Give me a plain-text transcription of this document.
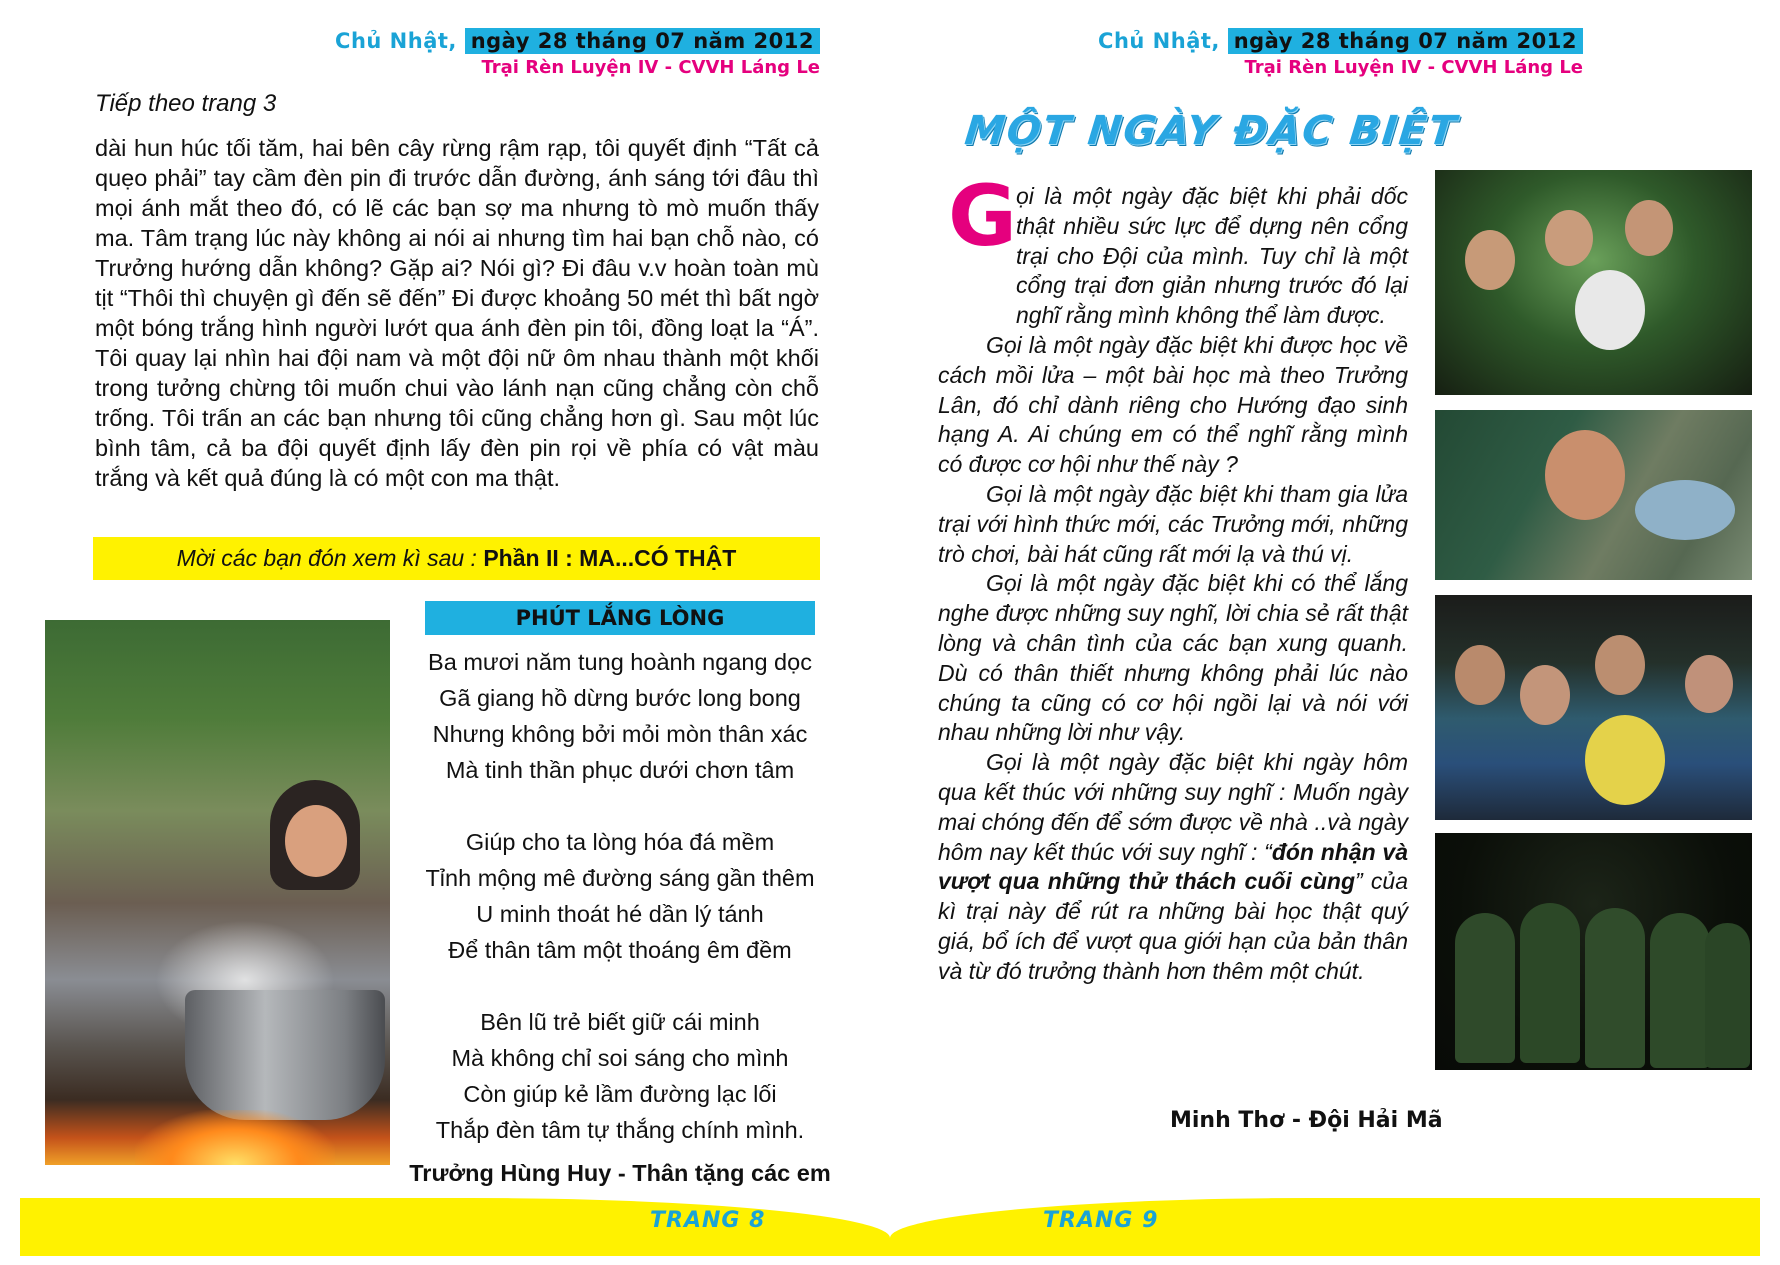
Chủ Nhật, ngày 28 tháng 07 năm 2012
Trại Rèn Luyện IV - CVVH Láng Le
Tiếp theo trang 3

dài hun húc tối tăm, hai bên cây rừng rậm rạp, tôi quyết định “Tất cả quẹo phải” tay cầm đèn pin đi trước dẫn đường, ánh sáng tới đâu thì mọi ánh mắt theo đó, có lẽ các bạn sợ ma nhưng tò mò muốn thấy ma. Tâm trạng lúc này không ai nói ai nhưng tìm hai bạn chỗ nào, có Trưởng hướng dẫn không? Gặp ai? Nói gì? Đi đâu v.v hoàn toàn mù tịt “Thôi thì chuyện gì đến sẽ đến” Đi được khoảng 50 mét thì bất ngờ một bóng trắng hình người lướt qua ánh đèn pin tôi, đồng loạt la “Á”. Tôi quay lại nhìn hai đội nam và một đội nữ ôm nhau thành một khối trong tưởng chừng tôi muốn chui vào lánh nạn cũng chẳng còn chỗ trống. Tôi trấn an các bạn nhưng tôi cũng chẳng hơn gì. Sau một lúc bình tâm, cả ba đội quyết định lấy đèn pin rọi về phía có vật màu trắng và kết quả đúng là có một con ma thật.

Mời các bạn đón xem kì sau : Phần II : MA...CÓ THẬT
PHÚT LẮNG LÒNG
Ba mươi năm tung hoành ngang dọc
Gã giang hồ dừng bước long bong
Nhưng không bởi mỏi mòn thân xác
Mà tinh thần phục dưới chơn tâm
Giúp cho ta lòng hóa đá mềm
Tỉnh mộng mê đường sáng gần thêm
U minh thoát hé dần lý tánh
Để thân tâm một thoáng êm đềm
Bên lũ trẻ biết giữ cái minh
Mà không chỉ soi sáng cho mình
Còn giúp kẻ lầm đường lạc lối
Thắp đèn tâm tự thắng chính mình.
Trưởng Hùng Huy - Thân tặng các em
TRANG 8
Chủ Nhật, ngày 28 tháng 07 năm 2012
Trại Rèn Luyện IV - CVVH Láng Le
MỘT NGÀY ĐẶC BIỆT
G ọi là một ngày đặc biệt khi phải dốc thật nhiều sức lực để dựng nên cổng trại cho Đội của mình. Tuy chỉ là một cổng trại đơn giản nhưng trước đó lại nghĩ rằng mình không thể làm được.

Gọi là một ngày đặc biệt khi được học về cách mồi lửa – một bài học mà theo Trưởng Lân, đó chỉ dành riêng cho Hướng đạo sinh hạng A. Ai chúng em có thể nghĩ rằng mình có được cơ hội như thế này ?

Gọi là một ngày đặc biệt khi tham gia lửa trại với hình thức mới, các Trưởng mới, những trò chơi, bài hát cũng rất mới lạ và thú vị.

Gọi là một ngày đặc biệt khi có thể lắng nghe được những suy nghĩ, lời chia sẻ rất thật lòng và chân tình của các bạn xung quanh. Dù có thân thiết nhưng không phải lúc nào chúng ta cũng có cơ hội ngồi lại và nói với nhau những lời như vậy.

Gọi là một ngày đặc biệt khi ngày hôm qua kết thúc với những suy nghĩ : Muốn ngày mai chóng đến để sớm được về nhà ..và ngày hôm nay kết thúc với suy nghĩ : “đón nhận và vượt qua những thử thách cuối cùng” của kì trại này để rút ra những bài học thật quý giá, bổ ích để vượt qua giới hạn của bản thân và từ đó trưởng thành hơn thêm một chút.

Minh Thơ - Đội Hải Mã
TRANG 9
